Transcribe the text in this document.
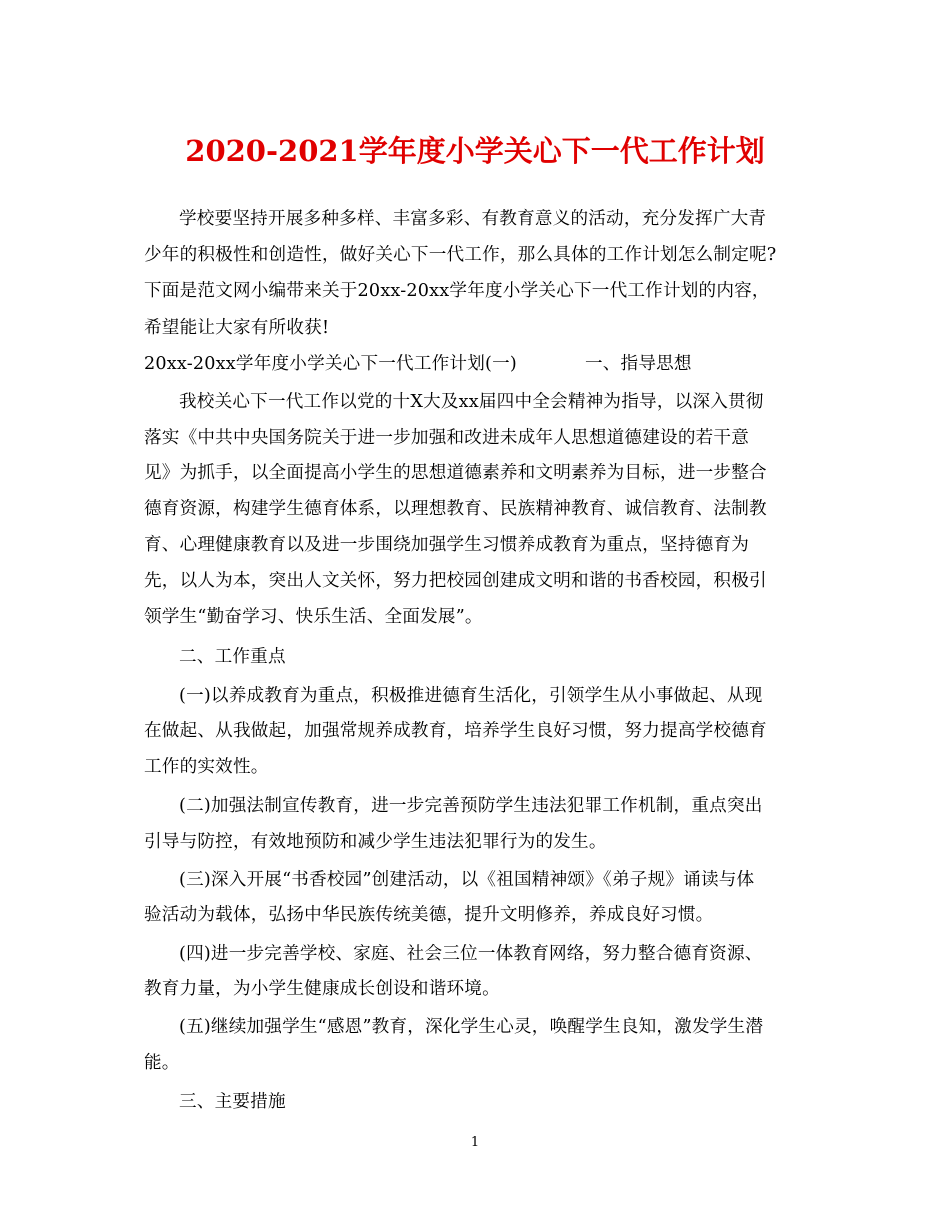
2020-2021学年度小学关心下一代工作计划
学校要坚持开展多种多样、丰富多彩、有教育意义的活动，充分发挥广大青
少年的积极性和创造性，做好关心下一代工作，那么具体的工作计划怎么制定呢?
下面是范文网小编带来关于20xx-20xx学年度小学关心下一代工作计划的内容，
希望能让大家有所收获!
20xx-20xx学年度小学关心下一代工作计划(一)	一、指导思想
我校关心下一代工作以党的十X大及xx届四中全会精神为指导，以深入贯彻
落实《中共中央国务院关于进一步加强和改进未成年人思想道德建设的若干意
见》为抓手，以全面提高小学生的思想道德素养和文明素养为目标，进一步整合
德育资源，构建学生德育体系，以理想教育、民族精神教育、诚信教育、法制教
育、心理健康教育以及进一步围绕加强学生习惯养成教育为重点，坚持德育为
先，以人为本，突出人文关怀，努力把校园创建成文明和谐的书香校园，积极引
领学生“勤奋学习、快乐生活、全面发展”。
二、工作重点
(一)以养成教育为重点，积极推进德育生活化，引领学生从小事做起、从现
在做起、从我做起，加强常规养成教育，培养学生良好习惯，努力提高学校德育
工作的实效性。
(二)加强法制宣传教育，进一步完善预防学生违法犯罪工作机制，重点突出
引导与防控，有效地预防和减少学生违法犯罪行为的发生。
(三)深入开展“书香校园”创建活动，以《祖国精神颂》《弟子规》诵读与体
验活动为载体，弘扬中华民族传统美德，提升文明修养，养成良好习惯。
(四)进一步完善学校、家庭、社会三位一体教育网络，努力整合德育资源、
教育力量，为小学生健康成长创设和谐环境。
(五)继续加强学生“感恩”教育，深化学生心灵，唤醒学生良知，激发学生潜
能。
三、主要措施
1
